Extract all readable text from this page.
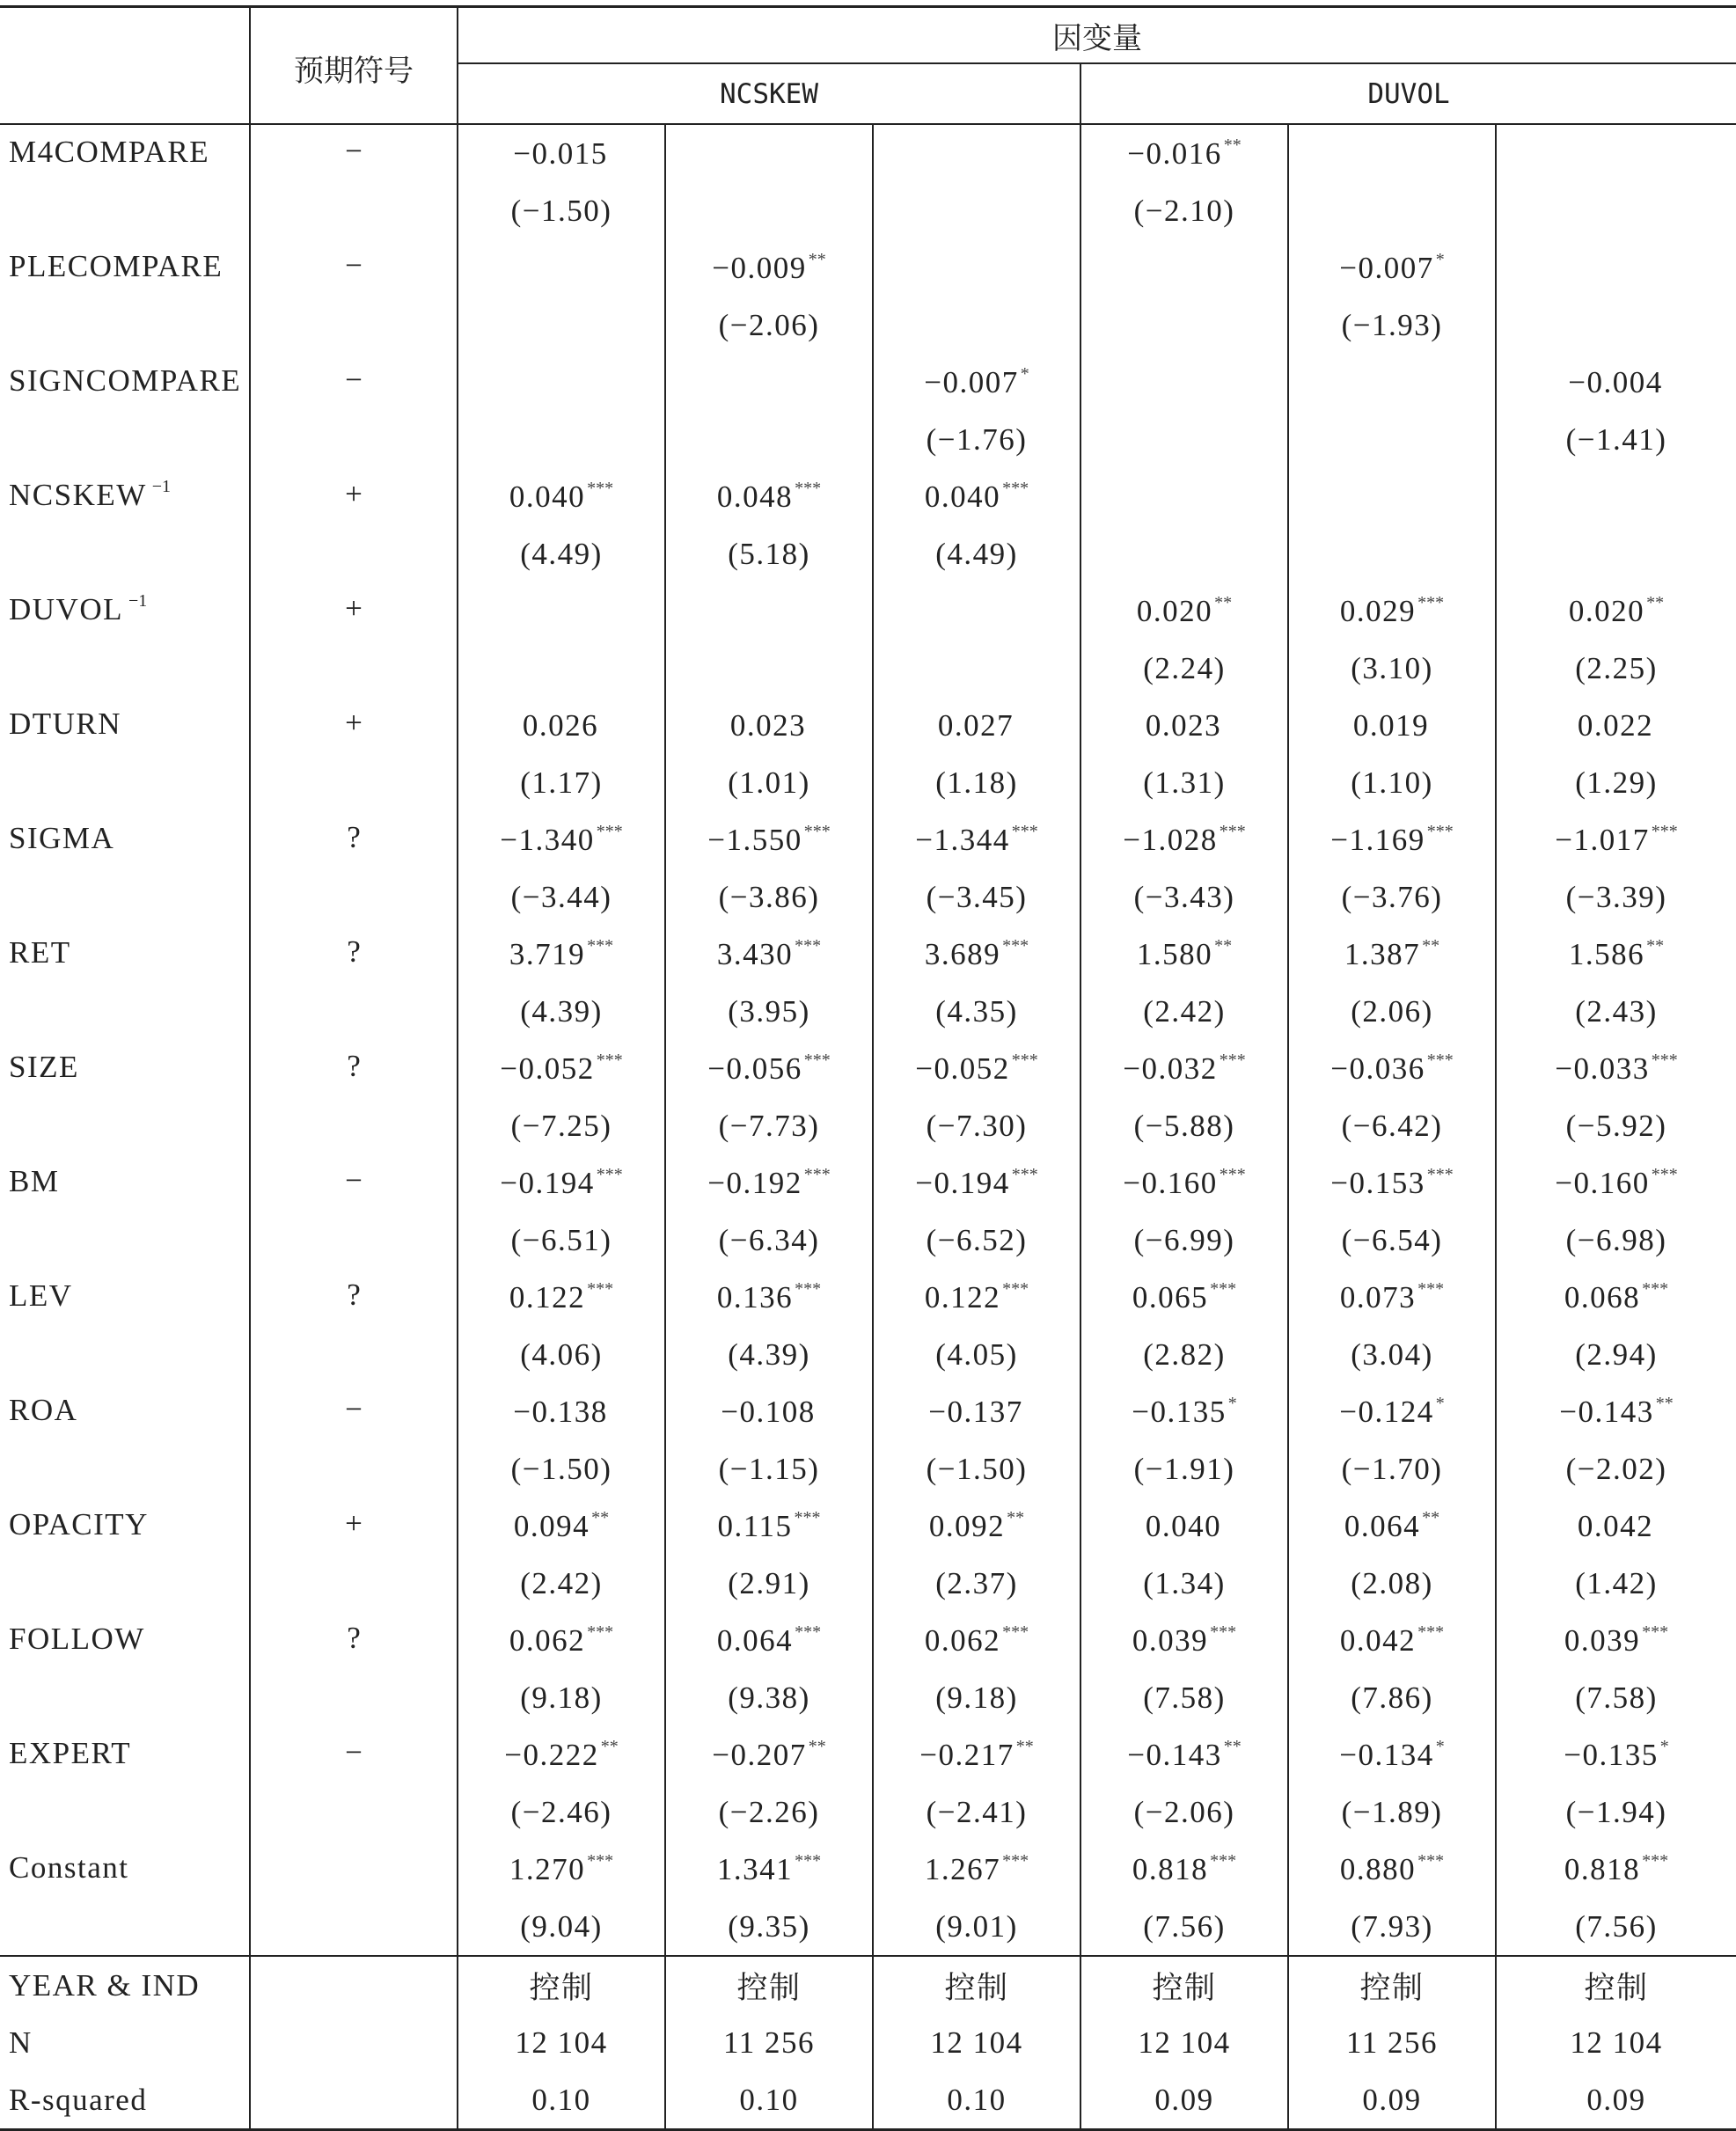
	预期符号	因变量					
		NCSKEW			DUVOL		
M4COMPARE	−	−0.015			−0.016 **		
		(−1.50)			(−2.10)		
PLECOMPARE	−		−0.009 **			−0.007 *	
			(−2.06)			(−1.93)	
SIGNCOMPARE	−			−0.007 *			−0.004
				(−1.76)			(−1.41)
NCSKEW $^{-1}$	+	0.040 ***	0.048 ***	0.040 ***			
		(4.49)	(5.18)	(4.49)			
DUVOL $^{-1}$	+				0.020 **	0.029 ***	0.020 **
					(2.24)	(3.10)	(2.25)
DTURN	+	0.026	0.023	0.027	0.023	0.019	0.022
		(1.17)	(1.01)	(1.18)	(1.31)	(1.10)	(1.29)
SIGMA	?	−1.340 ***	−1.550 ***	−1.344 ***	−1.028 ***	−1.169 ***	−1.017 ***
		(−3.44)	(−3.86)	(−3.45)	(−3.43)	(−3.76)	(−3.39)
RET	?	3.719 ***	3.430 ***	3.689 ***	1.580 **	1.387 **	1.586 **
		(4.39)	(3.95)	(4.35)	(2.42)	(2.06)	(2.43)
SIZE	?	−0.052 ***	−0.056 ***	−0.052 ***	−0.032 ***	−0.036 ***	−0.033 ***
		(−7.25)	(−7.73)	(−7.30)	(−5.88)	(−6.42)	(−5.92)
BM	−	−0.194 ***	−0.192 ***	−0.194 ***	−0.160 ***	−0.153 ***	−0.160 ***
		(−6.51)	(−6.34)	(−6.52)	(−6.99)	(−6.54)	(−6.98)
LEV	?	0.122 ***	0.136 ***	0.122 ***	0.065 ***	0.073 ***	0.068 ***
		(4.06)	(4.39)	(4.05)	(2.82)	(3.04)	(2.94)
ROA	−	−0.138	−0.108	−0.137	−0.135 *	−0.124 *	−0.143 **
		(−1.50)	(−1.15)	(−1.50)	(−1.91)	(−1.70)	(−2.02)
OPACITY	+	0.094 **	0.115 ***	0.092 **	0.040	0.064 **	0.042
		(2.42)	(2.91)	(2.37)	(1.34)	(2.08)	(1.42)
FOLLOW	?	0.062 ***	0.064 ***	0.062 ***	0.039 ***	0.042 ***	0.039 ***
		(9.18)	(9.38)	(9.18)	(7.58)	(7.86)	(7.58)
EXPERT	−	−0.222 **	−0.207 **	−0.217 **	−0.143 **	−0.134 *	−0.135 *
		(−2.46)	(−2.26)	(−2.41)	(−2.06)	(−1.89)	(−1.94)
Constant		1.270 ***	1.341 ***	1.267 ***	0.818 ***	0.880 ***	0.818 ***
		(9.04)	(9.35)	(9.01)	(7.56)	(7.93)	(7.56)
YEAR & IND		控制	控制	控制	控制	控制	控制
N		12 104	11 256	12 104	12 104	11 256	12 104
R-squared		0.10	0.10	0.10	0.09	0.09	0.09
